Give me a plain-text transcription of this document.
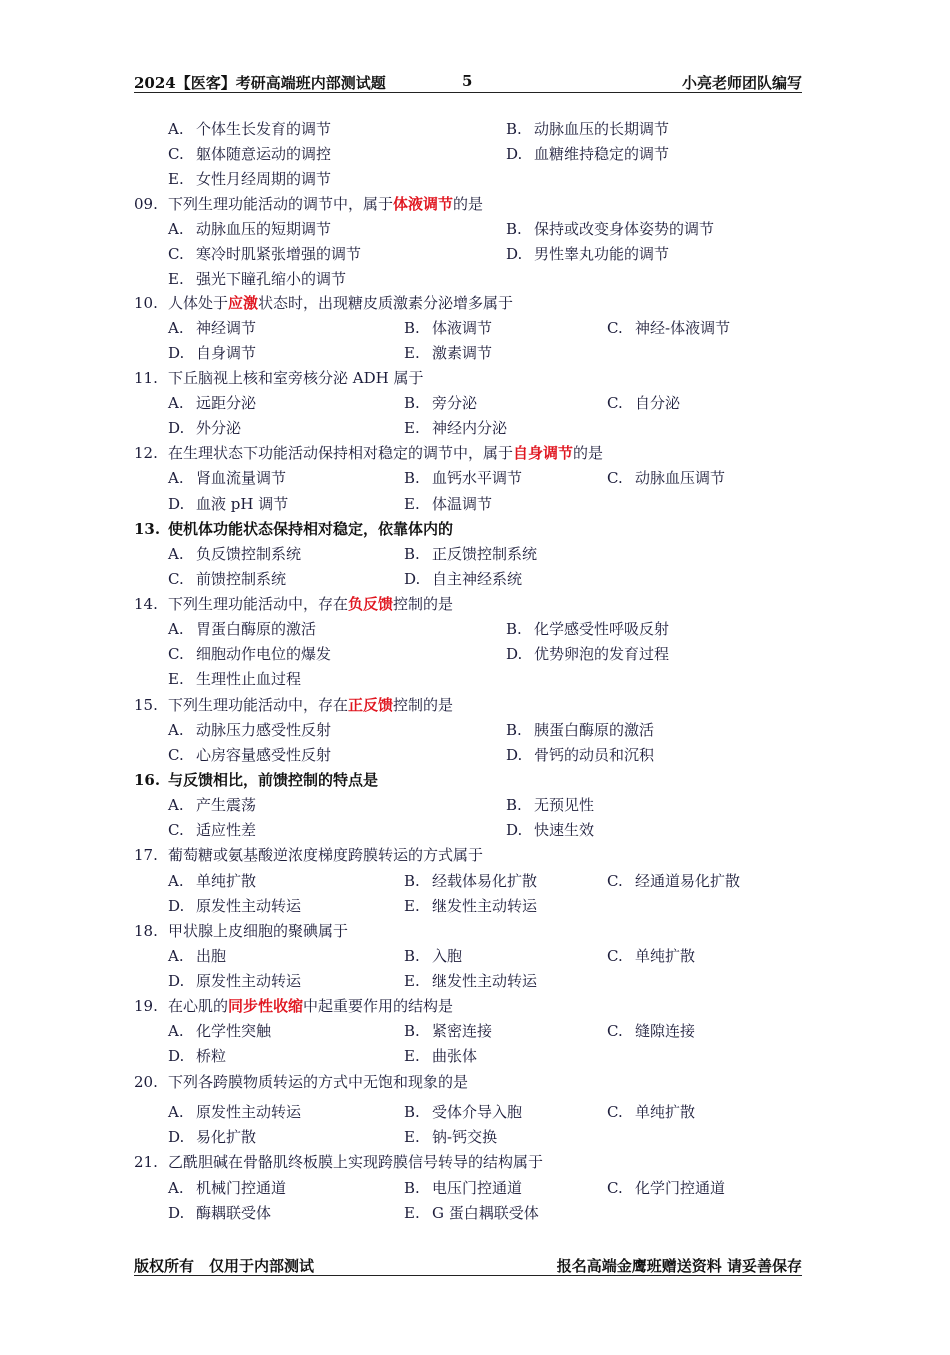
2024【医客】考研高端班内部测试题	5	小亮老师团队编写
A. 个体生长发育的调节	B. 动脉血压的长期调节
C. 躯体随意运动的调控	D. 血糖维持稳定的调节
E. 女性月经周期的调节
09. 下列生理功能活动的调节中，属于体液调节的是
A. 动脉血压的短期调节	B. 保持或改变身体姿势的调节
C. 寒冷时肌紧张增强的调节	D. 男性睾丸功能的调节
E. 强光下瞳孔缩小的调节
10. 人体处于应激状态时，出现糖皮质激素分泌增多属于
A. 神经调节	B. 体液调节	C. 神经-体液调节
D. 自身调节	E. 激素调节
11. 下丘脑视上核和室旁核分泌 ADH 属于
A. 远距分泌	B. 旁分泌	C. 自分泌
D. 外分泌	E. 神经内分泌
12. 在生理状态下功能活动保持相对稳定的调节中，属于自身调节的是
A. 肾血流量调节	B. 血钙水平调节	C. 动脉血压调节
D. 血液 pH 调节	E. 体温调节
13. 使机体功能状态保持相对稳定，依靠体内的
A. 负反馈控制系统	B. 正反馈控制系统
C. 前馈控制系统	D. 自主神经系统
14. 下列生理功能活动中，存在负反馈控制的是
A. 胃蛋白酶原的激活	B. 化学感受性呼吸反射
C. 细胞动作电位的爆发	D. 优势卵泡的发育过程
E. 生理性止血过程
15. 下列生理功能活动中，存在正反馈控制的是
A. 动脉压力感受性反射	B. 胰蛋白酶原的激活
C. 心房容量感受性反射	D. 骨钙的动员和沉积
16. 与反馈相比，前馈控制的特点是
A. 产生震荡	B. 无预见性
C. 适应性差	D. 快速生效
17. 葡萄糖或氨基酸逆浓度梯度跨膜转运的方式属于
A. 单纯扩散	B. 经载体易化扩散	C. 经通道易化扩散
D. 原发性主动转运	E. 继发性主动转运
18. 甲状腺上皮细胞的聚碘属于
A. 出胞	B. 入胞	C. 单纯扩散
D. 原发性主动转运	E. 继发性主动转运
19. 在心肌的同步性收缩中起重要作用的结构是
A. 化学性突触	B. 紧密连接	C. 缝隙连接
D. 桥粒	E. 曲张体
20. 下列各跨膜物质转运的方式中无饱和现象的是
A. 原发性主动转运	B. 受体介导入胞	C. 单纯扩散
D. 易化扩散	E. 钠-钙交换
21. 乙酰胆碱在骨骼肌终板膜上实现跨膜信号转导的结构属于
A. 机械门控通道	B. 电压门控通道	C. 化学门控通道
D. 酶耦联受体	E. G 蛋白耦联受体
版权所有　仅用于内部测试	报名高端金鹰班赠送资料 请妥善保存
